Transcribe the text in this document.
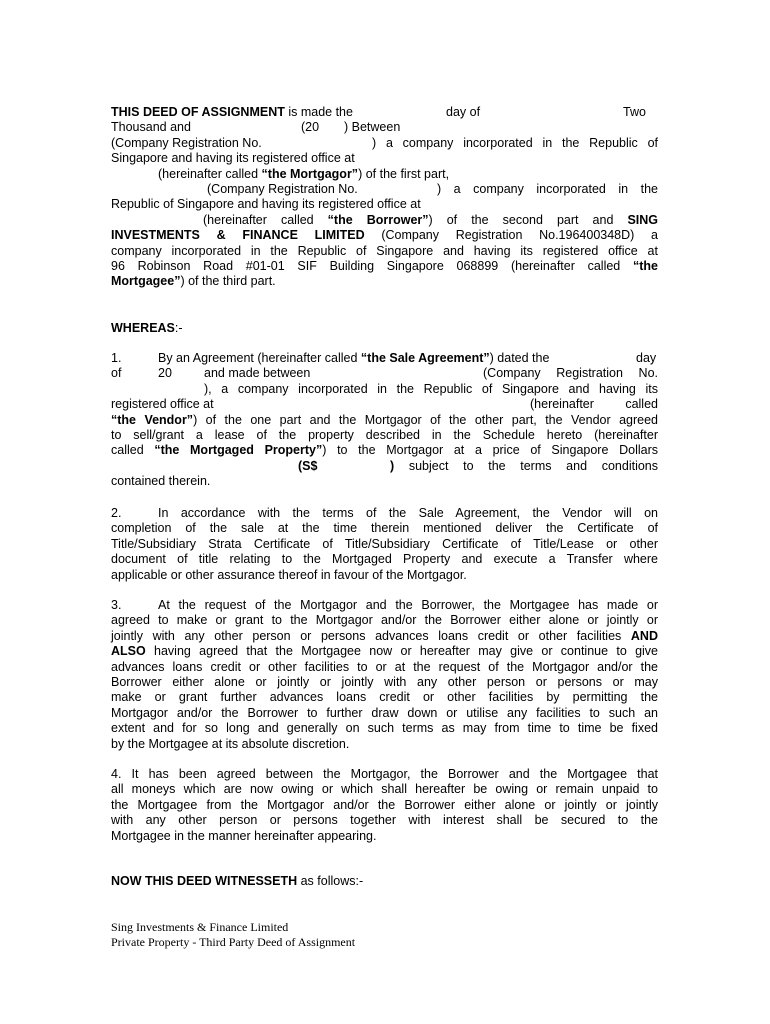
THIS DEED OF ASSIGNMENT is made the	day of	Two
Thousand and	(20 ) Between
(Company Registration No.	) a company incorporated in the Republic of
Singapore and having its registered office at
(hereinafter called “the Mortgagor”) of the first part,
(Company Registration No.	) a company incorporated in the
Republic of Singapore and having its registered office at
(hereinafter called “the Borrower”) of the second part and SING
INVESTMENTS & FINANCE LIMITED (Company Registration No.196400348D) a
company incorporated in the Republic of Singapore and having its registered office at
96 Robinson Road #01-01 SIF Building Singapore 068899 (hereinafter called “the
Mortgagee”) of the third part.
WHEREAS:-
1.	By an Agreement (hereinafter called “the Sale Agreement”) dated the	day
of	20	and made between	(Company Registration No.
), a company incorporated in the Republic of Singapore and having its
registered office at	(hereinafter called
“the Vendor”) of the one part and the Mortgagor of the other part, the Vendor agreed
to sell/grant a lease of the property described in the Schedule hereto (hereinafter
called “the Mortgaged Property”) to the Mortgagor at a price of Singapore Dollars
(S$	) subject to the terms and conditions
contained therein.
2.	In accordance with the terms of the Sale Agreement, the Vendor will on
completion of the sale at the time therein mentioned deliver the Certificate of
Title/Subsidiary Strata Certificate of Title/Subsidiary Certificate of Title/Lease or other
document of title relating to the Mortgaged Property and execute a Transfer where
applicable or other assurance thereof in favour of the Mortgagor.
3.	At the request of the Mortgagor and the Borrower, the Mortgagee has made or
agreed to make or grant to the Mortgagor and/or the Borrower either alone or jointly or
jointly with any other person or persons advances loans credit or other facilities AND
ALSO having agreed that the Mortgagee now or hereafter may give or continue to give
advances loans credit or other facilities to or at the request of the Mortgagor and/or the
Borrower either alone or jointly or jointly with any other person or persons or may
make or grant further advances loans credit or other facilities by permitting the
Mortgagor and/or the Borrower to further draw down or utilise any facilities to such an
extent and for so long and generally on such terms as may from time to time be fixed
by the Mortgagee at its absolute discretion.
4. It has been agreed between the Mortgagor, the Borrower and the Mortgagee that
all moneys which are now owing or which shall hereafter be owing or remain unpaid to
the Mortgagee from the Mortgagor and/or the Borrower either alone or jointly or jointly
with any other person or persons together with interest shall be secured to the
Mortgagee in the manner hereinafter appearing.
NOW THIS DEED WITNESSETH as follows:-
Sing Investments & Finance Limited
Private Property - Third Party Deed of Assignment
